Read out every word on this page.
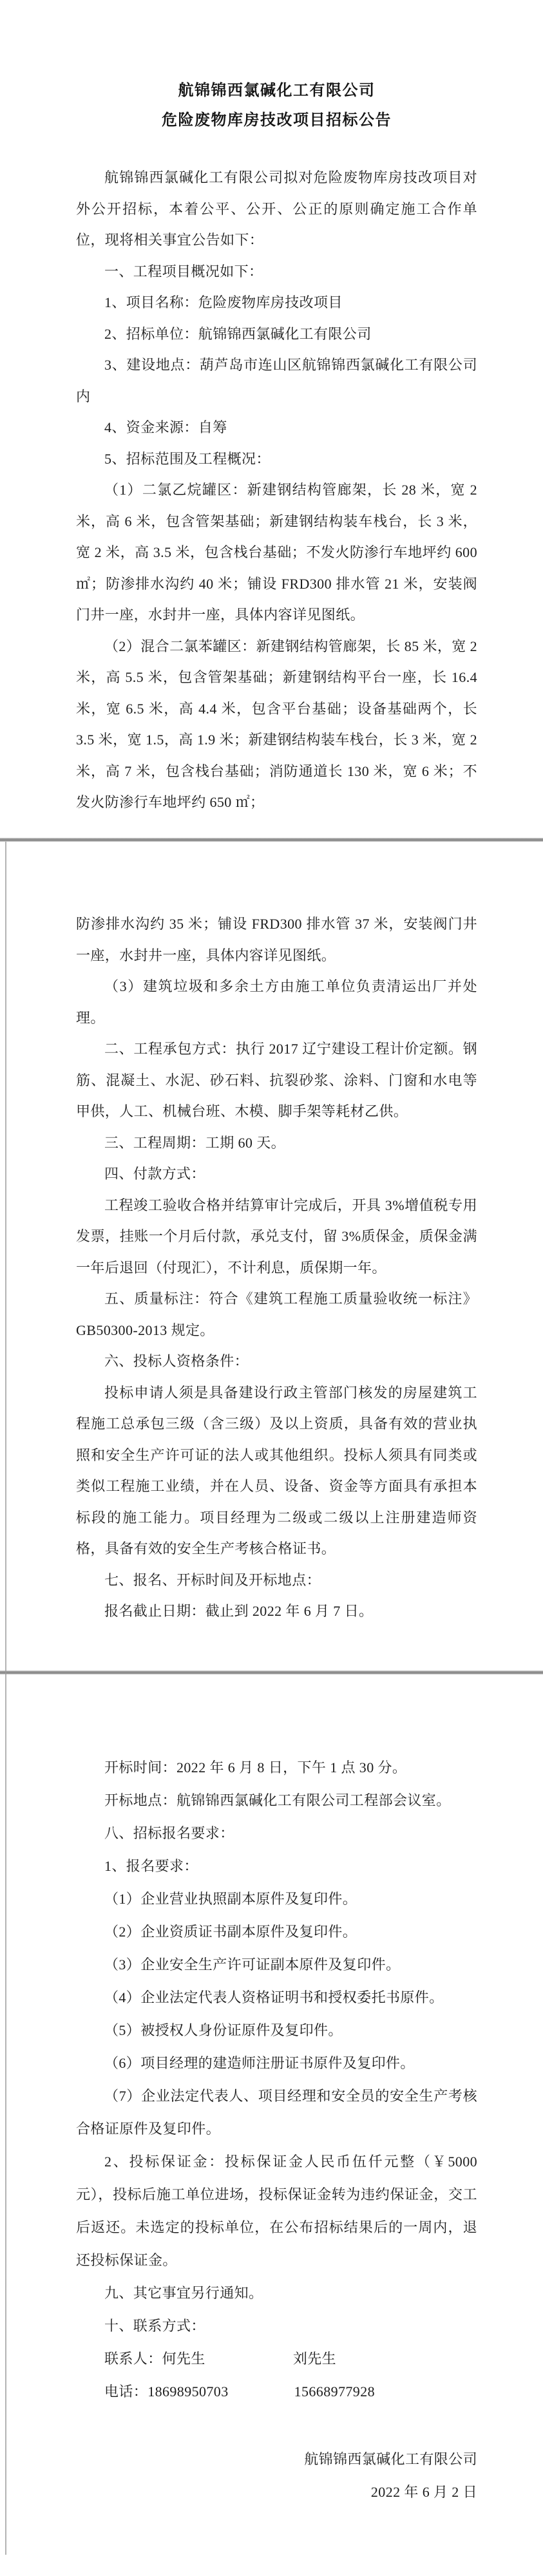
航锦锦西氯碱化工有限公司
危险废物库房技改项目招标公告

航锦锦西氯碱化工有限公司拟对危险废物库房技改项目对外公开招标，本着公平、公开、公正的原则确定施工合作单位，现将相关事宜公告如下：

一、工程项目概况如下：

1、项目名称：危险废物库房技改项目

2、招标单位：航锦锦西氯碱化工有限公司

3、建设地点：葫芦岛市连山区航锦锦西氯碱化工有限公司内

4、资金来源：自筹

5、招标范围及工程概况：

（1）二氯乙烷罐区：新建钢结构管廊架，长 28 米，宽 2 米，高 6 米，包含管架基础；新建钢结构装车栈台，长 3 米，宽 2 米，高 3.5 米，包含栈台基础；不发火防渗行车地坪约 600 ㎡；防渗排水沟约 40 米；铺设 FRD300 排水管 21 米，安装阀门井一座，水封井一座，具体内容详见图纸。

（2）混合二氯苯罐区：新建钢结构管廊架，长 85 米，宽 2 米，高 5.5 米，包含管架基础；新建钢结构平台一座，长 16.4 米，宽 6.5 米，高 4.4 米，包含平台基础；设备基础两个，长 3.5 米，宽 1.5，高 1.9 米；新建钢结构装车栈台，长 3 米，宽 2 米，高 7 米，包含栈台基础；消防通道长 130 米，宽 6 米；不发火防渗行车地坪约 650 ㎡；

防渗排水沟约 35 米；铺设 FRD300 排水管 37 米，安装阀门井一座，水封井一座，具体内容详见图纸。

（3）建筑垃圾和多余土方由施工单位负责清运出厂并处理。

二、工程承包方式：执行 2017 辽宁建设工程计价定额。钢筋、混凝土、水泥、砂石料、抗裂砂浆、涂料、门窗和水电等甲供，人工、机械台班、木模、脚手架等耗材乙供。

三、工程周期：工期 60 天。

四、付款方式：

工程竣工验收合格并结算审计完成后，开具 3%增值税专用发票，挂账一个月后付款，承兑支付，留 3%质保金，质保金满一年后退回（付现汇），不计利息，质保期一年。

五、质量标注：符合《建筑工程施工质量验收统一标注》GB50300-2013 规定。

六、投标人资格条件：

投标申请人须是具备建设行政主管部门核发的房屋建筑工程施工总承包三级（含三级）及以上资质，具备有效的营业执照和安全生产许可证的法人或其他组织。投标人须具有同类或类似工程施工业绩，并在人员、设备、资金等方面具有承担本标段的施工能力。项目经理为二级或二级以上注册建造师资格，具备有效的安全生产考核合格证书。

七、报名、开标时间及开标地点：

报名截止日期：截止到 2022 年 6 月 7 日。

开标时间：2022 年 6 月 8 日，下午 1 点 30 分。

开标地点：航锦锦西氯碱化工有限公司工程部会议室。

八、招标报名要求：

1、报名要求：

（1）企业营业执照副本原件及复印件。

（2）企业资质证书副本原件及复印件。

（3）企业安全生产许可证副本原件及复印件。

（4）企业法定代表人资格证明书和授权委托书原件。

（5）被授权人身份证原件及复印件。

（6）项目经理的建造师注册证书原件及复印件。

（7）企业法定代表人、项目经理和安全员的安全生产考核合格证原件及复印件。

2、投标保证金：投标保证金人民币伍仟元整（￥5000 元），投标后施工单位进场，投标保证金转为违约保证金，交工后返还。未选定的投标单位，在公布招标结果后的一周内，退还投标保证金。

九、其它事宜另行通知。

十、联系方式：

联系人：何先生	刘先生

电话：18698950703	15668977928

航锦锦西氯碱化工有限公司

2022 年 6 月 2 日
